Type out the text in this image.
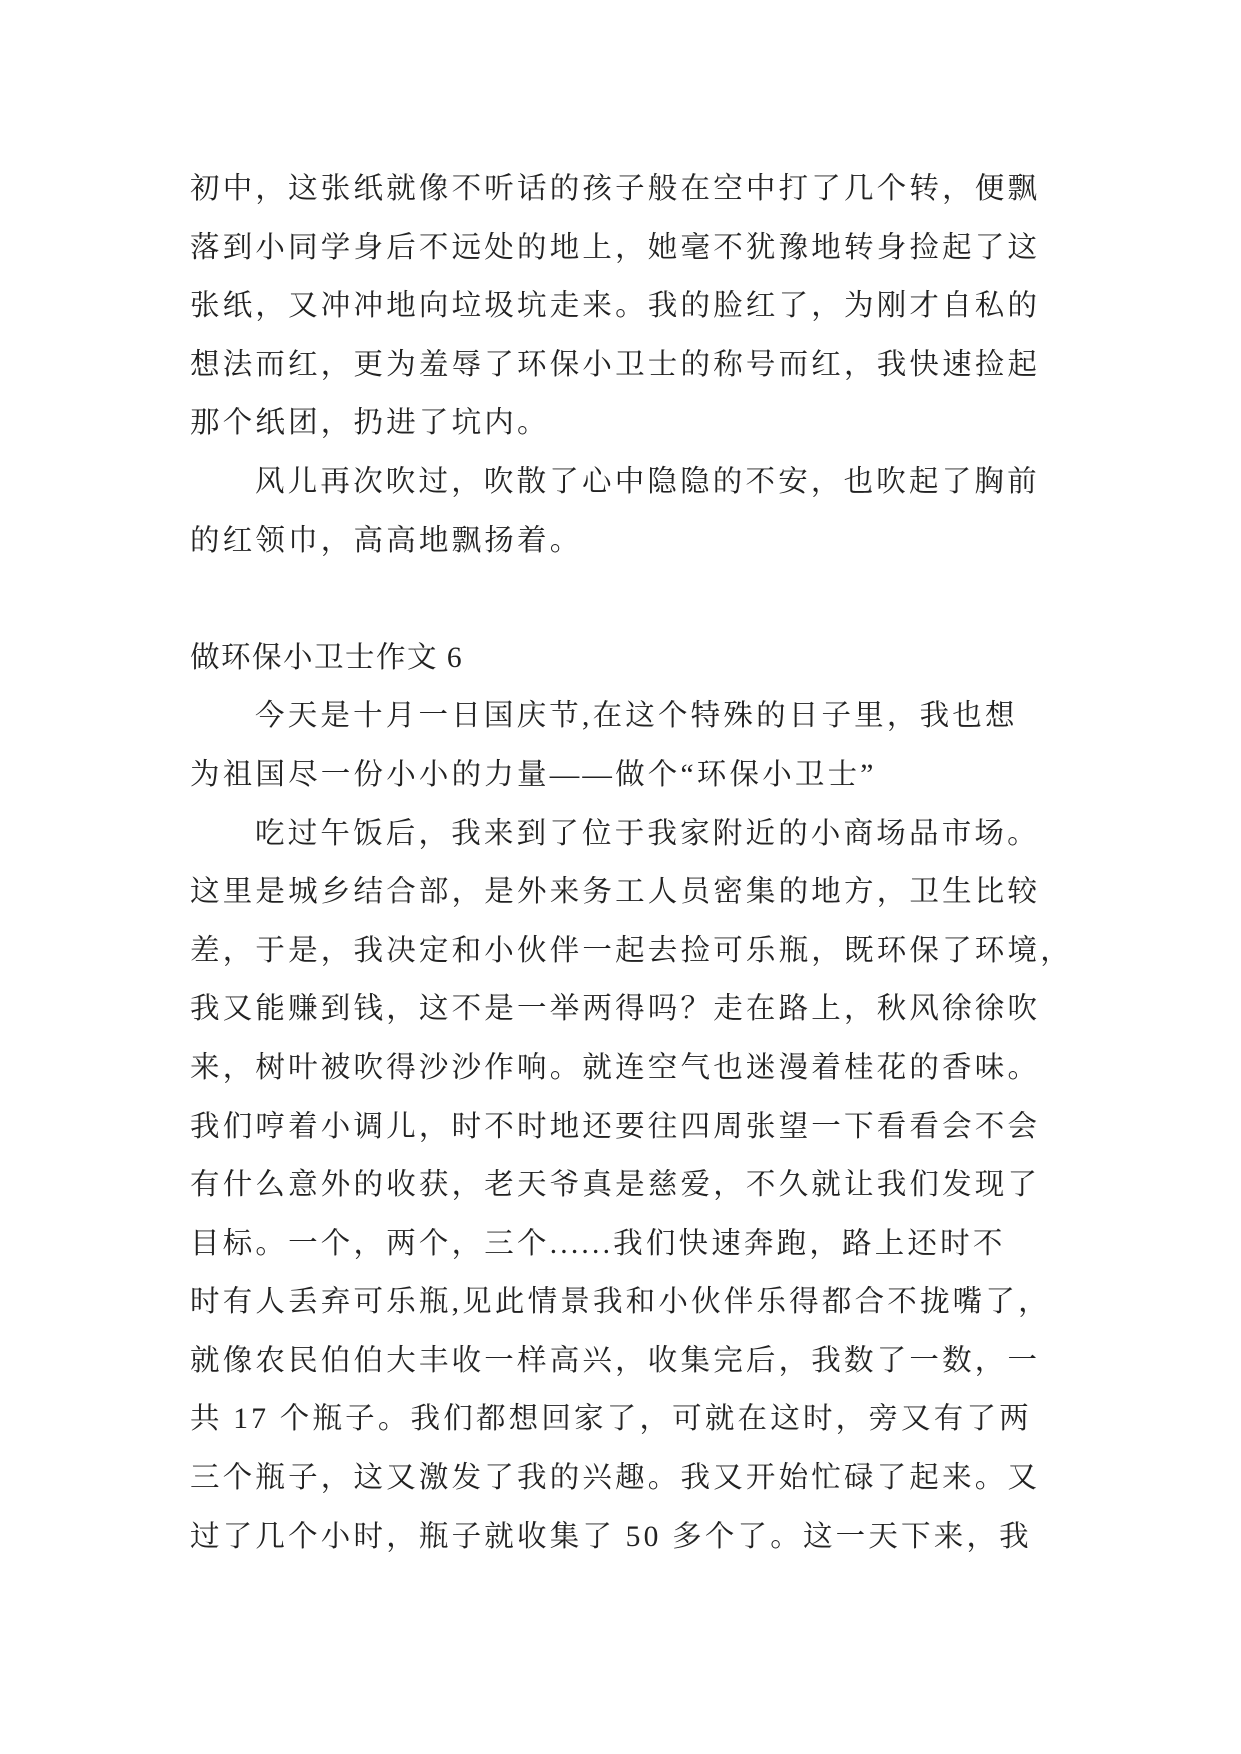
初中，这张纸就像不听话的孩子般在空中打了几个转，便飘
落到小同学身后不远处的地上，她毫不犹豫地转身捡起了这
张纸，又冲冲地向垃圾坑走来。我的脸红了，为刚才自私的
想法而红，更为羞辱了环保小卫士的称号而红，我快速捡起
那个纸团，扔进了坑内。
风儿再次吹过，吹散了心中隐隐的不安，也吹起了胸前
的红领巾，高高地飘扬着。
做环保小卫士作文 6
今天是十月一日国庆节,在这个特殊的日子里，我也想
为祖国尽一份小小的力量——做个“环保小卫士”
吃过午饭后，我来到了位于我家附近的小商场品市场。
这里是城乡结合部，是外来务工人员密集的地方，卫生比较
差，于是，我决定和小伙伴一起去捡可乐瓶，既环保了环境，
我又能赚到钱，这不是一举两得吗？走在路上，秋风徐徐吹
来，树叶被吹得沙沙作响。就连空气也迷漫着桂花的香味。
我们哼着小调儿，时不时地还要往四周张望一下看看会不会
有什么意外的收获，老天爷真是慈爱，不久就让我们发现了
目标。一个，两个，三个......我们快速奔跑，路上还时不
时有人丢弃可乐瓶,见此情景我和小伙伴乐得都合不拢嘴了，
就像农民伯伯大丰收一样高兴，收集完后，我数了一数，一
共 17 个瓶子。我们都想回家了，可就在这时，旁又有了两
三个瓶子，这又激发了我的兴趣。我又开始忙碌了起来。又
过了几个小时，瓶子就收集了 50 多个了。这一天下来，我
